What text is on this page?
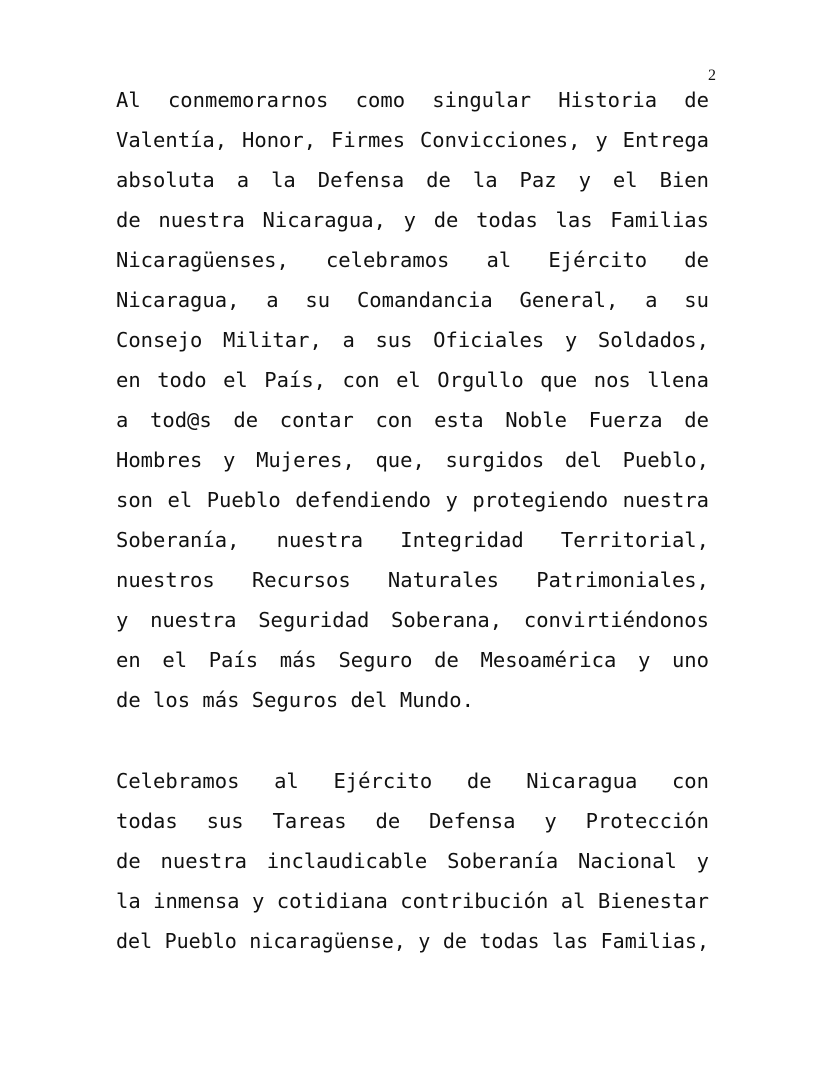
2
Al conmemorarnos como singular Historia de
Valentía, Honor, Firmes Convicciones, y Entrega
absoluta a la Defensa de la Paz y el Bien
de nuestra Nicaragua, y de todas las Familias
Nicaragüenses, celebramos al Ejército de
Nicaragua, a su Comandancia General, a su
Consejo Militar, a sus Oficiales y Soldados,
en todo el País, con el Orgullo que nos llena
a tod@s de contar con esta Noble Fuerza de
Hombres y Mujeres, que, surgidos del Pueblo,
son el Pueblo defendiendo y protegiendo nuestra
Soberanía, nuestra Integridad Territorial,
nuestros Recursos Naturales Patrimoniales,
y nuestra Seguridad Soberana, convirtiéndonos
en el País más Seguro de Mesoamérica y uno
de los más Seguros del Mundo.
Celebramos al Ejército de Nicaragua con
todas sus Tareas de Defensa y Protección
de nuestra inclaudicable Soberanía Nacional y
la inmensa y cotidiana contribución al Bienestar
del Pueblo nicaragüense, y de todas las Familias,
